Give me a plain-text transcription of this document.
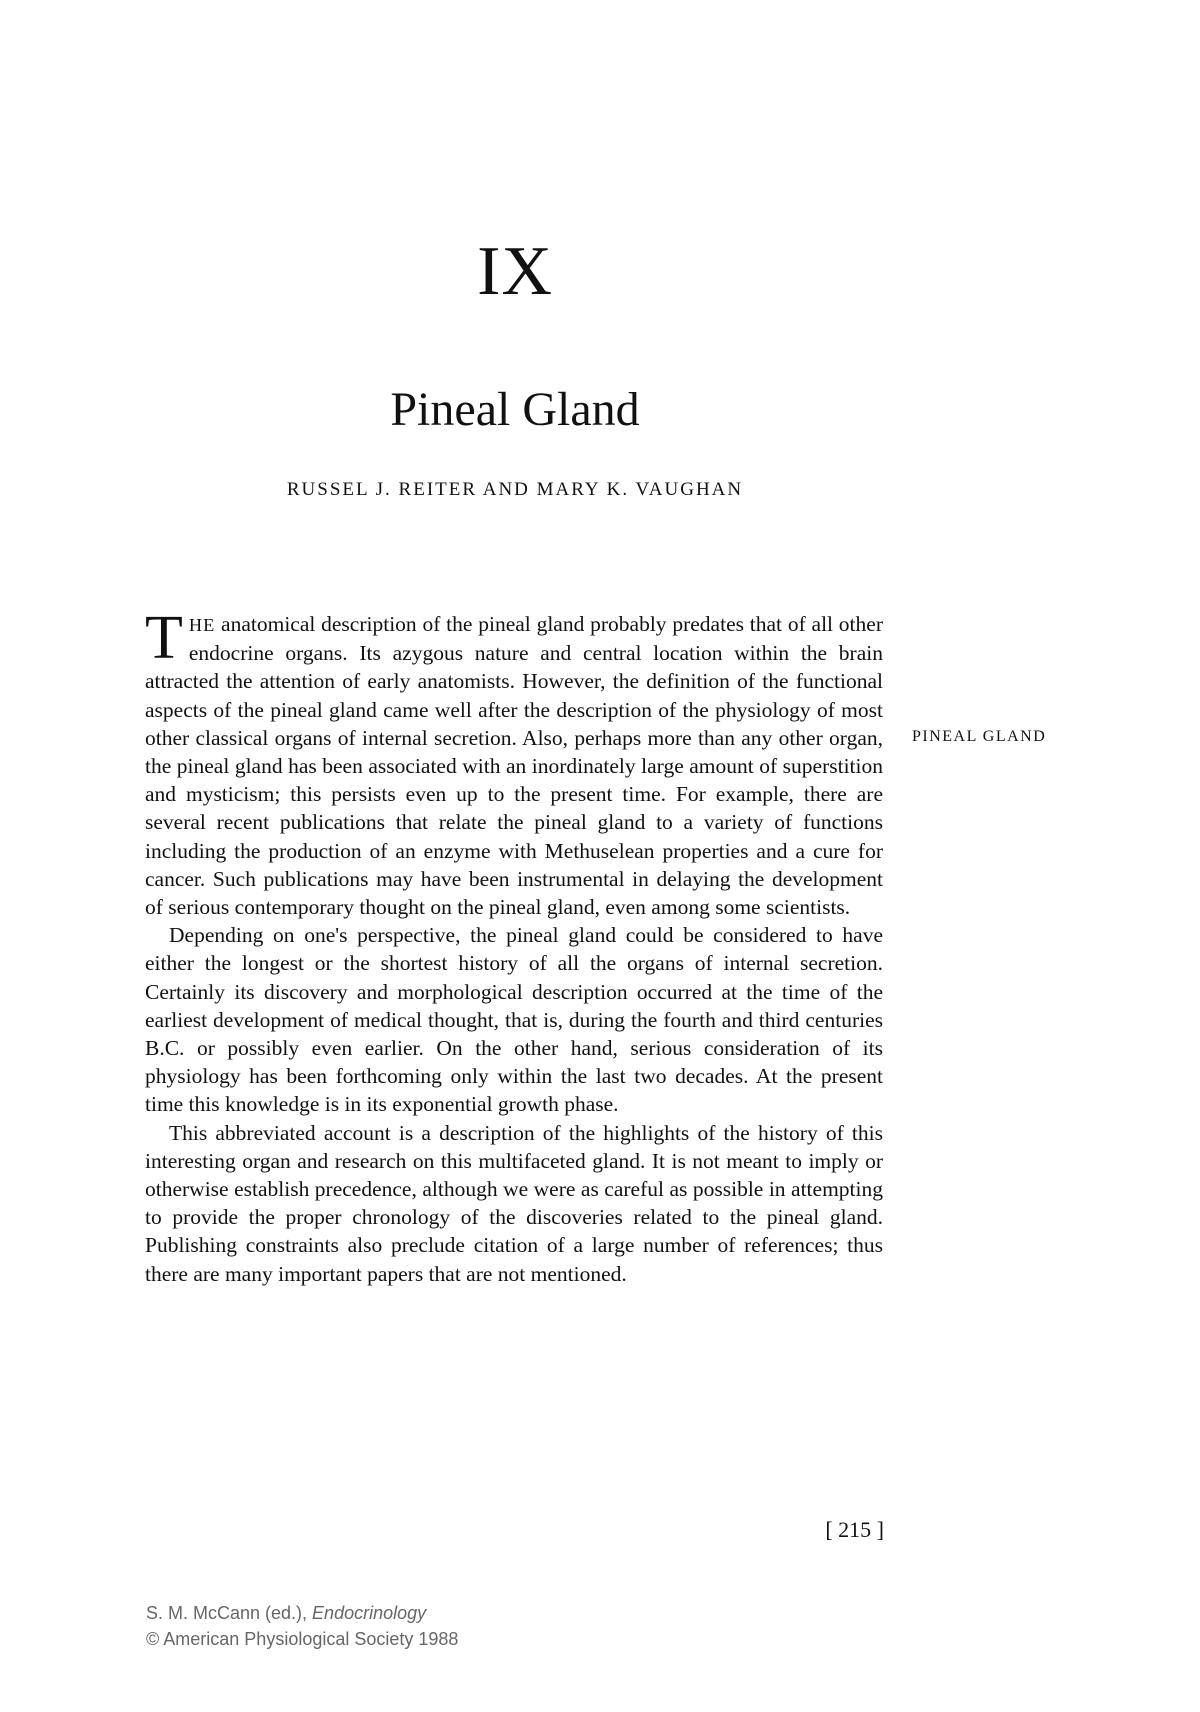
IX
Pineal Gland
RUSSEL J. REITER AND MARY K. VAUGHAN

THE anatomical description of the pineal gland probably predates that of all other endocrine organs. Its azygous nature and central location within the brain attracted the attention of early anatomists. However, the definition of the functional aspects of the pineal gland came well after the description of the physiology of most other classical organs of internal secretion. Also, perhaps more than any other organ, the pineal gland has been associated with an inordinately large amount of superstition and mysticism; this persists even up to the present time. For example, there are several recent publications that relate the pineal gland to a variety of functions including the production of an enzyme with Methuselean properties and a cure for cancer. Such publications may have been instrumental in delaying the development of serious contemporary thought on the pineal gland, even among some scientists.

Depending on one's perspective, the pineal gland could be considered to have either the longest or the shortest history of all the organs of internal secretion. Certainly its discovery and morphological description occurred at the time of the earliest development of medical thought, that is, during the fourth and third centuries B.C. or possibly even earlier. On the other hand, serious consideration of its physiology has been forthcoming only within the last two decades. At the present time this knowledge is in its exponential growth phase.

This abbreviated account is a description of the highlights of the history of this interesting organ and research on this multifaceted gland. It is not meant to imply or otherwise establish precedence, although we were as careful as possible in attempting to provide the proper chronology of the discoveries related to the pineal gland. Publishing constraints also preclude citation of a large number of references; thus there are many important papers that are not mentioned.

PINEAL GLAND
[ 215 ]
S. M. McCann (ed.), Endocrinology
© American Physiological Society 1988
